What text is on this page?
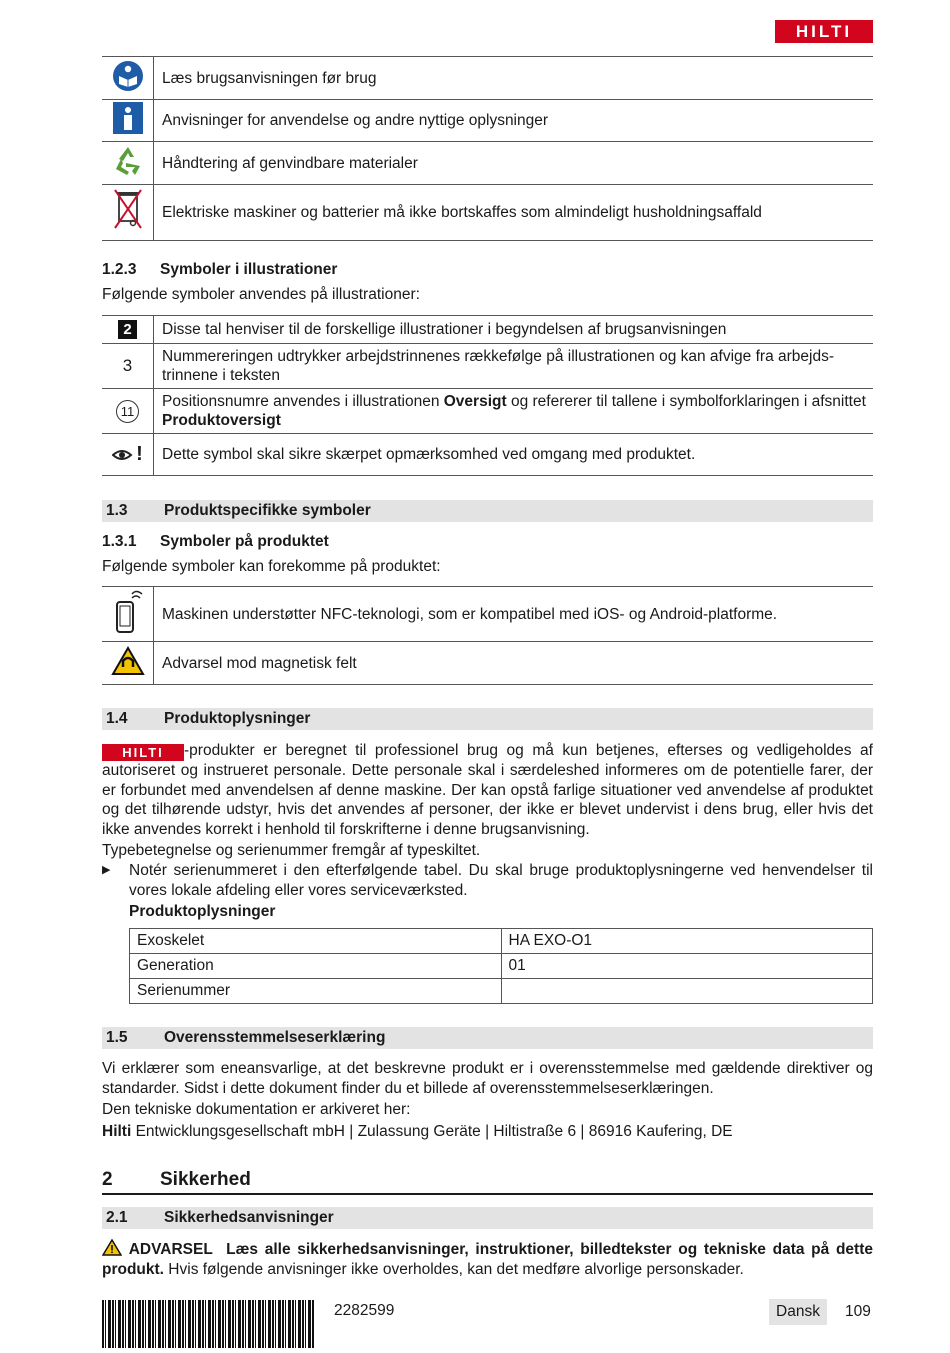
HILTI
	Læs brugsanvisningen før brug
	Anvisninger for anvendelse og andre nyttige oplysninger
	Håndtering af genvindbare materialer
	Elektriske maskiner og batterier må ikke bortskaffes som almindeligt husholdningsaffald
1.2.3 Symboler i illustrationer
Følgende symboler anvendes på illustrationer:
2	Disse tal henviser til de forskellige illustrationer i begyndelsen af brugsanvisningen
3	Nummereringen udtrykker arbejdstrinnenes rækkefølge på illustrationen og kan afvige fra arbejds-trinnene i teksten
11	Positionsnumre anvendes i illustrationen Oversigt og refererer til tallene i symbolforklaringen i afsnittet Produktoversigt
!	Dette symbol skal sikre skærpet opmærksomhed ved omgang med produktet.
1.3 Produktspecifikke symboler
1.3.1 Symboler på produktet
Følgende symboler kan forekomme på produktet:
	Maskinen understøtter NFC-teknologi, som er kompatibel med iOS- og Android-platforme.
	Advarsel mod magnetisk felt
1.4 Produktoplysninger
HILTI -produkter er beregnet til professionel brug og må kun betjenes, efterses og vedligeholdes af autoriseret og instrueret personale. Dette personale skal i særdeleshed informeres om de potentielle farer, der er forbundet med anvendelsen af denne maskine. Der kan opstå farlige situationer ved anvendelse af produktet og det tilhørende udstyr, hvis det anvendes af personer, der ikke er blevet undervist i dens brug, eller hvis det ikke anvendes korrekt i henhold til forskrifterne i denne brugsanvisning.
Typebetegnelse og serienummer fremgår af typeskiltet.
▶	Notér serienummeret i den efterfølgende tabel. Du skal bruge produktoplysningerne ved henvendelser til vores lokale afdeling eller vores serviceværksted.
Produktoplysninger
Exoskelet	HA EXO-O1
Generation	01
Serienummer	
1.5 Overensstemmelseserklæring
Vi erklærer som eneansvarlige, at det beskrevne produkt er i overensstemmelse med gældende direktiver og standarder. Sidst i dette dokument finder du et billede af overensstemmelseserklæringen.
Den tekniske dokumentation er arkiveret her:
Hilti Entwicklungsgesellschaft mbH | Zulassung Geräte | Hiltistraße 6 | 86916 Kaufering, DE
2 Sikkerhed
2.1 Sikkerhedsanvisninger
ADVARSEL Læs alle sikkerhedsanvisninger, instruktioner, billedtekster og tekniske data på dette produkt. Hvis følgende anvisninger ikke overholdes, kan det medføre alvorlige personskader.
2282599	Dansk	109
